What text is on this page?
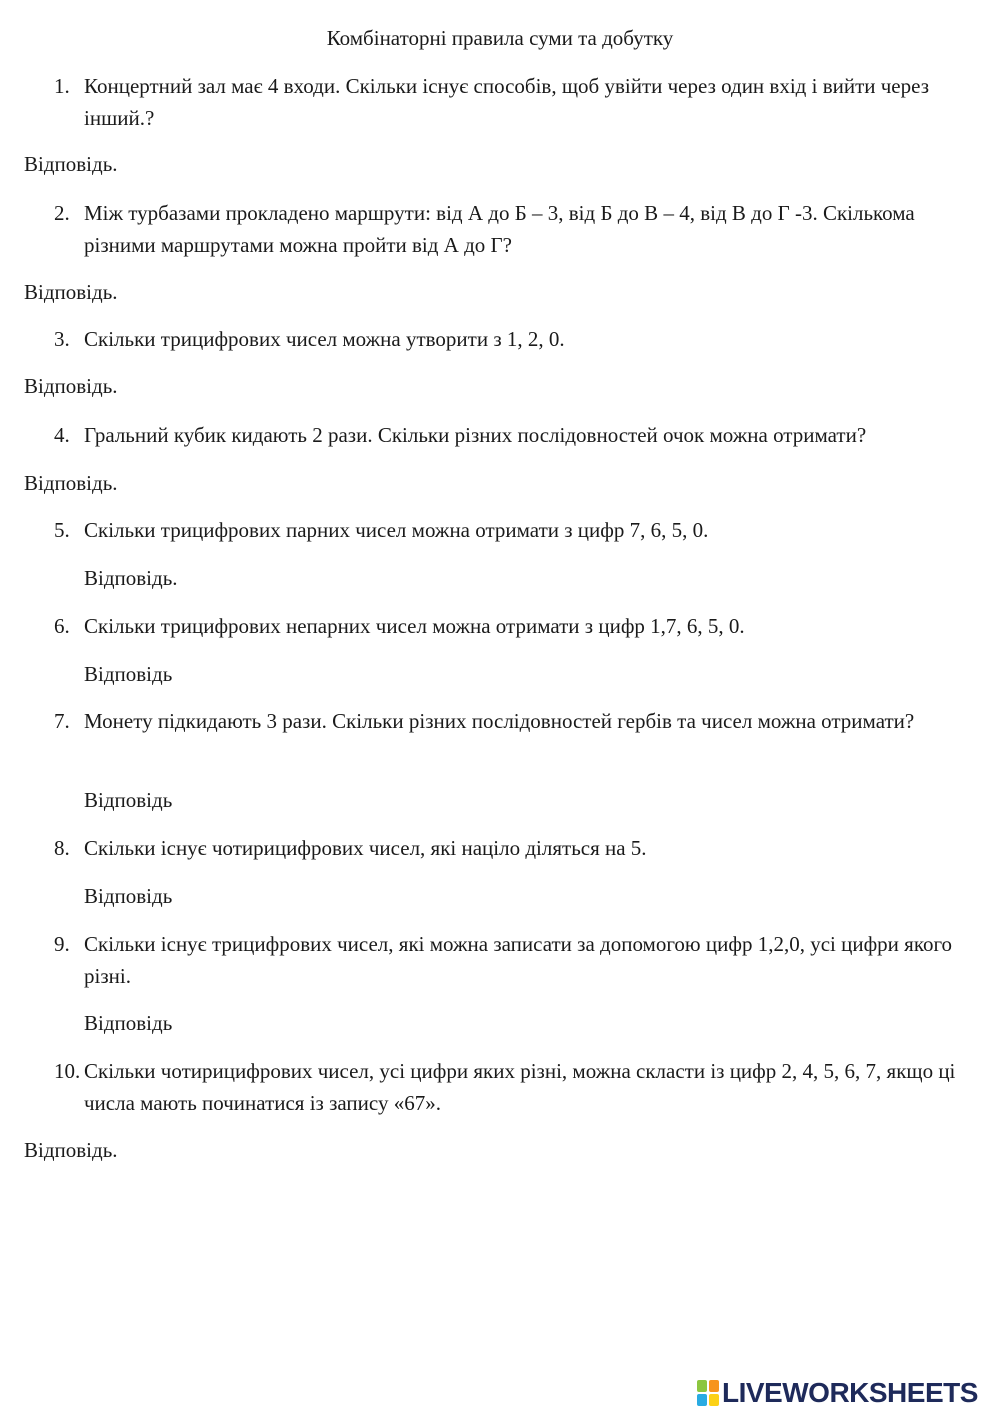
Комбінаторні правила суми та добутку
1. Концертний зал має 4 входи. Скільки існує способів, щоб увійти через один вхід і вийти через інший.?
Відповідь.
2. Між турбазами прокладено маршрути: від А до Б – 3, від Б до В – 4, від В до Г -3. Скількома різними маршрутами можна пройти від А до Г?
Відповідь.
3. Скільки трицифрових чисел можна утворити з 1, 2, 0.
Відповідь.
4. Гральний кубик кидають 2 рази. Скільки різних послідовностей очок можна отримати?
Відповідь.
5. Скільки трицифрових парних чисел можна отримати з цифр 7, 6, 5, 0.
Відповідь.
6. Скільки трицифрових непарних чисел можна отримати з цифр 1,7, 6, 5, 0.
Відповідь
7. Монету підкидають 3 рази. Скільки різних послідовностей гербів та чисел можна отримати?
Відповідь
8. Скільки існує чотирицифрових чисел, які націло діляться на 5.
Відповідь
9. Скільки існує трицифрових чисел, які можна записати за допомогою цифр 1,2,0, усі цифри якого різні.
Відповідь
10. Скільки чотирицифрових чисел, усі цифри яких різні, можна скласти із цифр 2, 4, 5, 6, 7, якщо ці числа мають починатися із запису «67».
Відповідь.
LIVEWORKSHEETS
